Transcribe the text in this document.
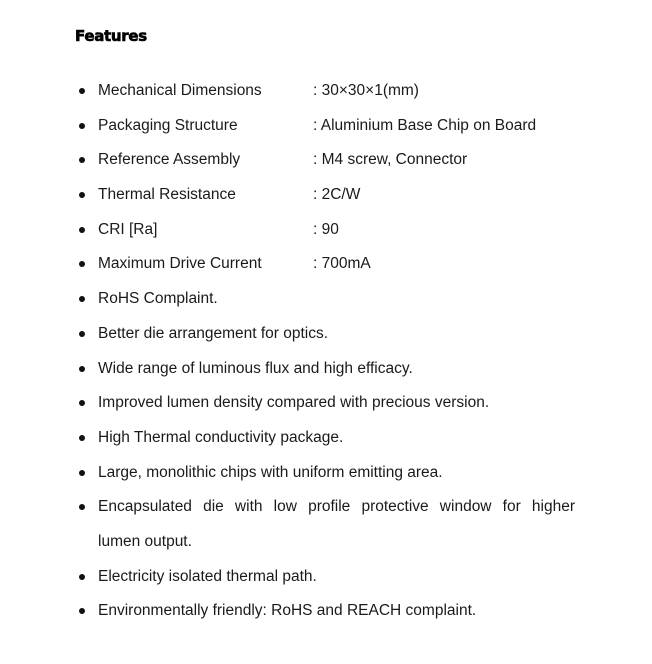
Features
Mechanical Dimensions	: 30×30×1(mm)
Packaging Structure	: Aluminium Base Chip on Board
Reference Assembly	: M4 screw, Connector
Thermal Resistance	: 2C/W
CRI [Ra]	: 90
Maximum Drive Current	: 700mA
RoHS Complaint.
Better die arrangement for optics.
Wide range of luminous flux and high efficacy.
Improved lumen density compared with precious version.
High Thermal conductivity package.
Large, monolithic chips with uniform emitting area.
Encapsulated die with low profile protective window for higher
lumen output.
Electricity isolated thermal path.
Environmentally friendly: RoHS and REACH complaint.
